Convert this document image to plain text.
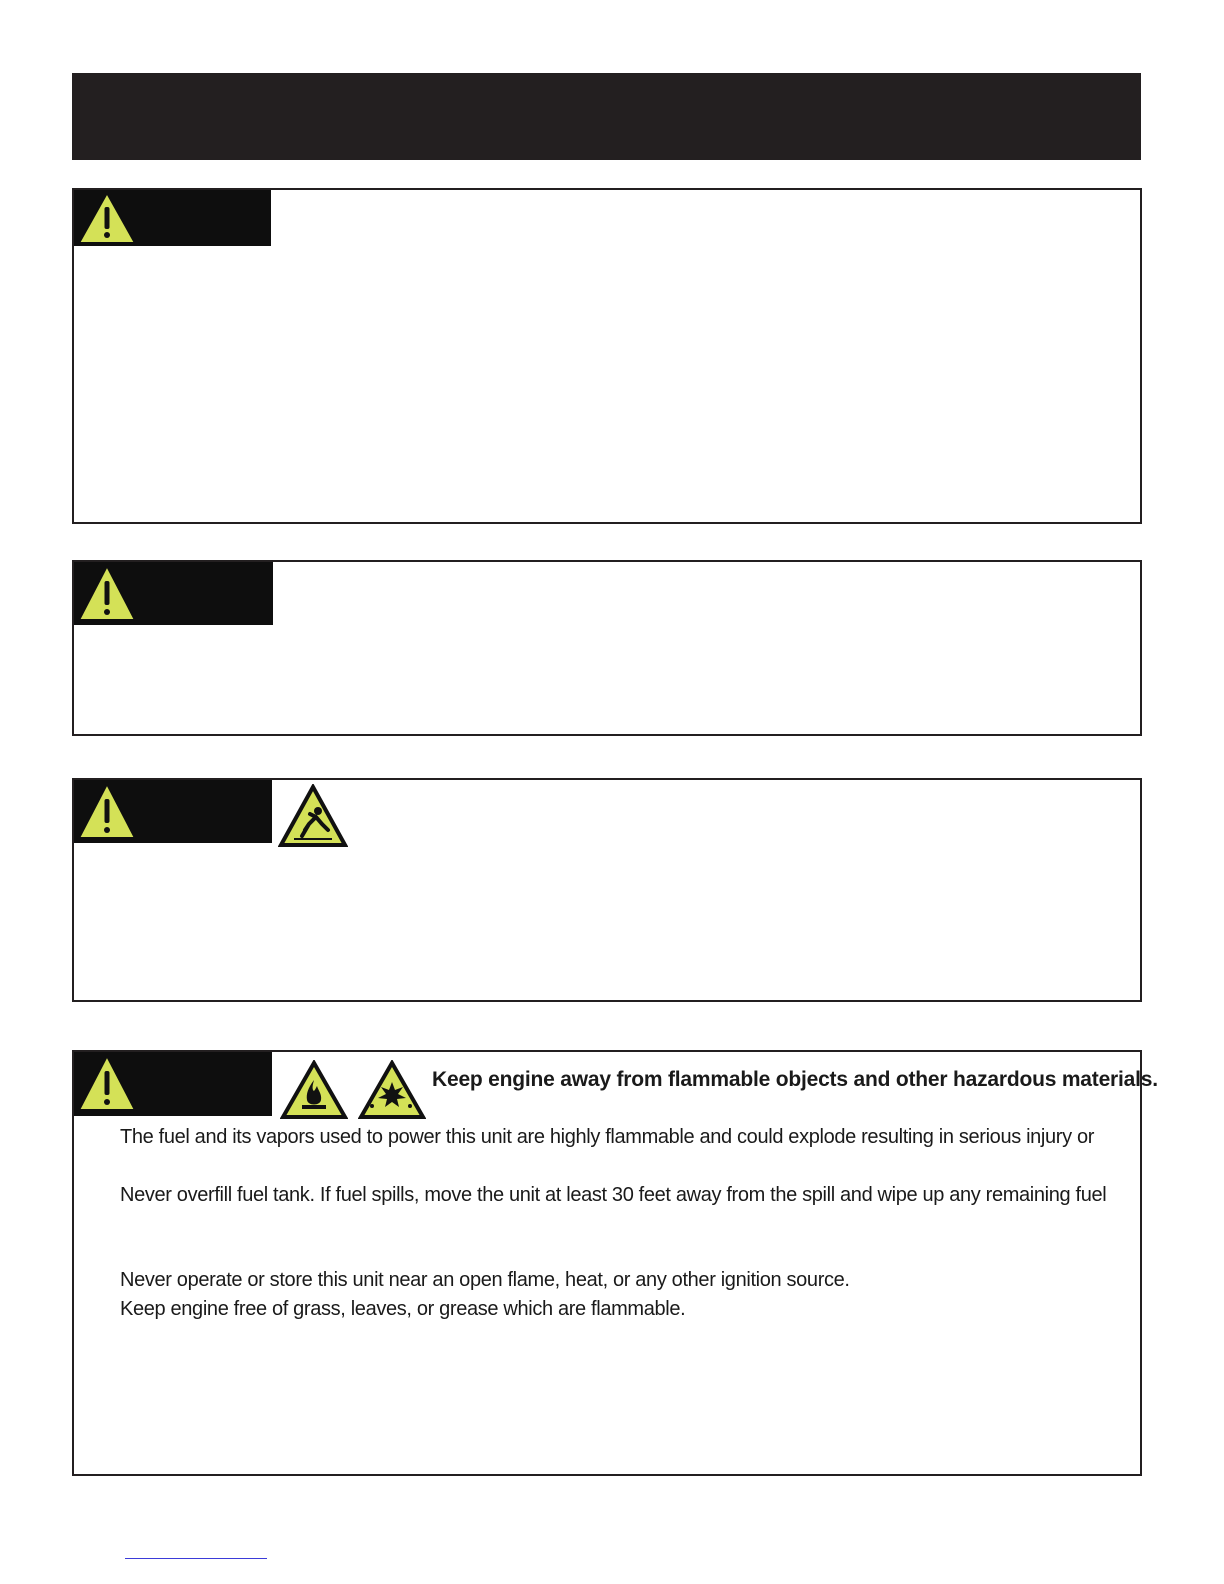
Keep engine away from flammable objects and other hazardous materials.
The fuel and its vapors used to power this unit are highly flammable and could explode resulting in serious injury or
Never overfill fuel tank. If fuel spills, move the unit at least 30 feet away from the spill and wipe up any remaining fuel
Never operate or store this unit near an open flame, heat, or any other ignition source.
Keep engine free of grass, leaves, or grease which are flammable.
